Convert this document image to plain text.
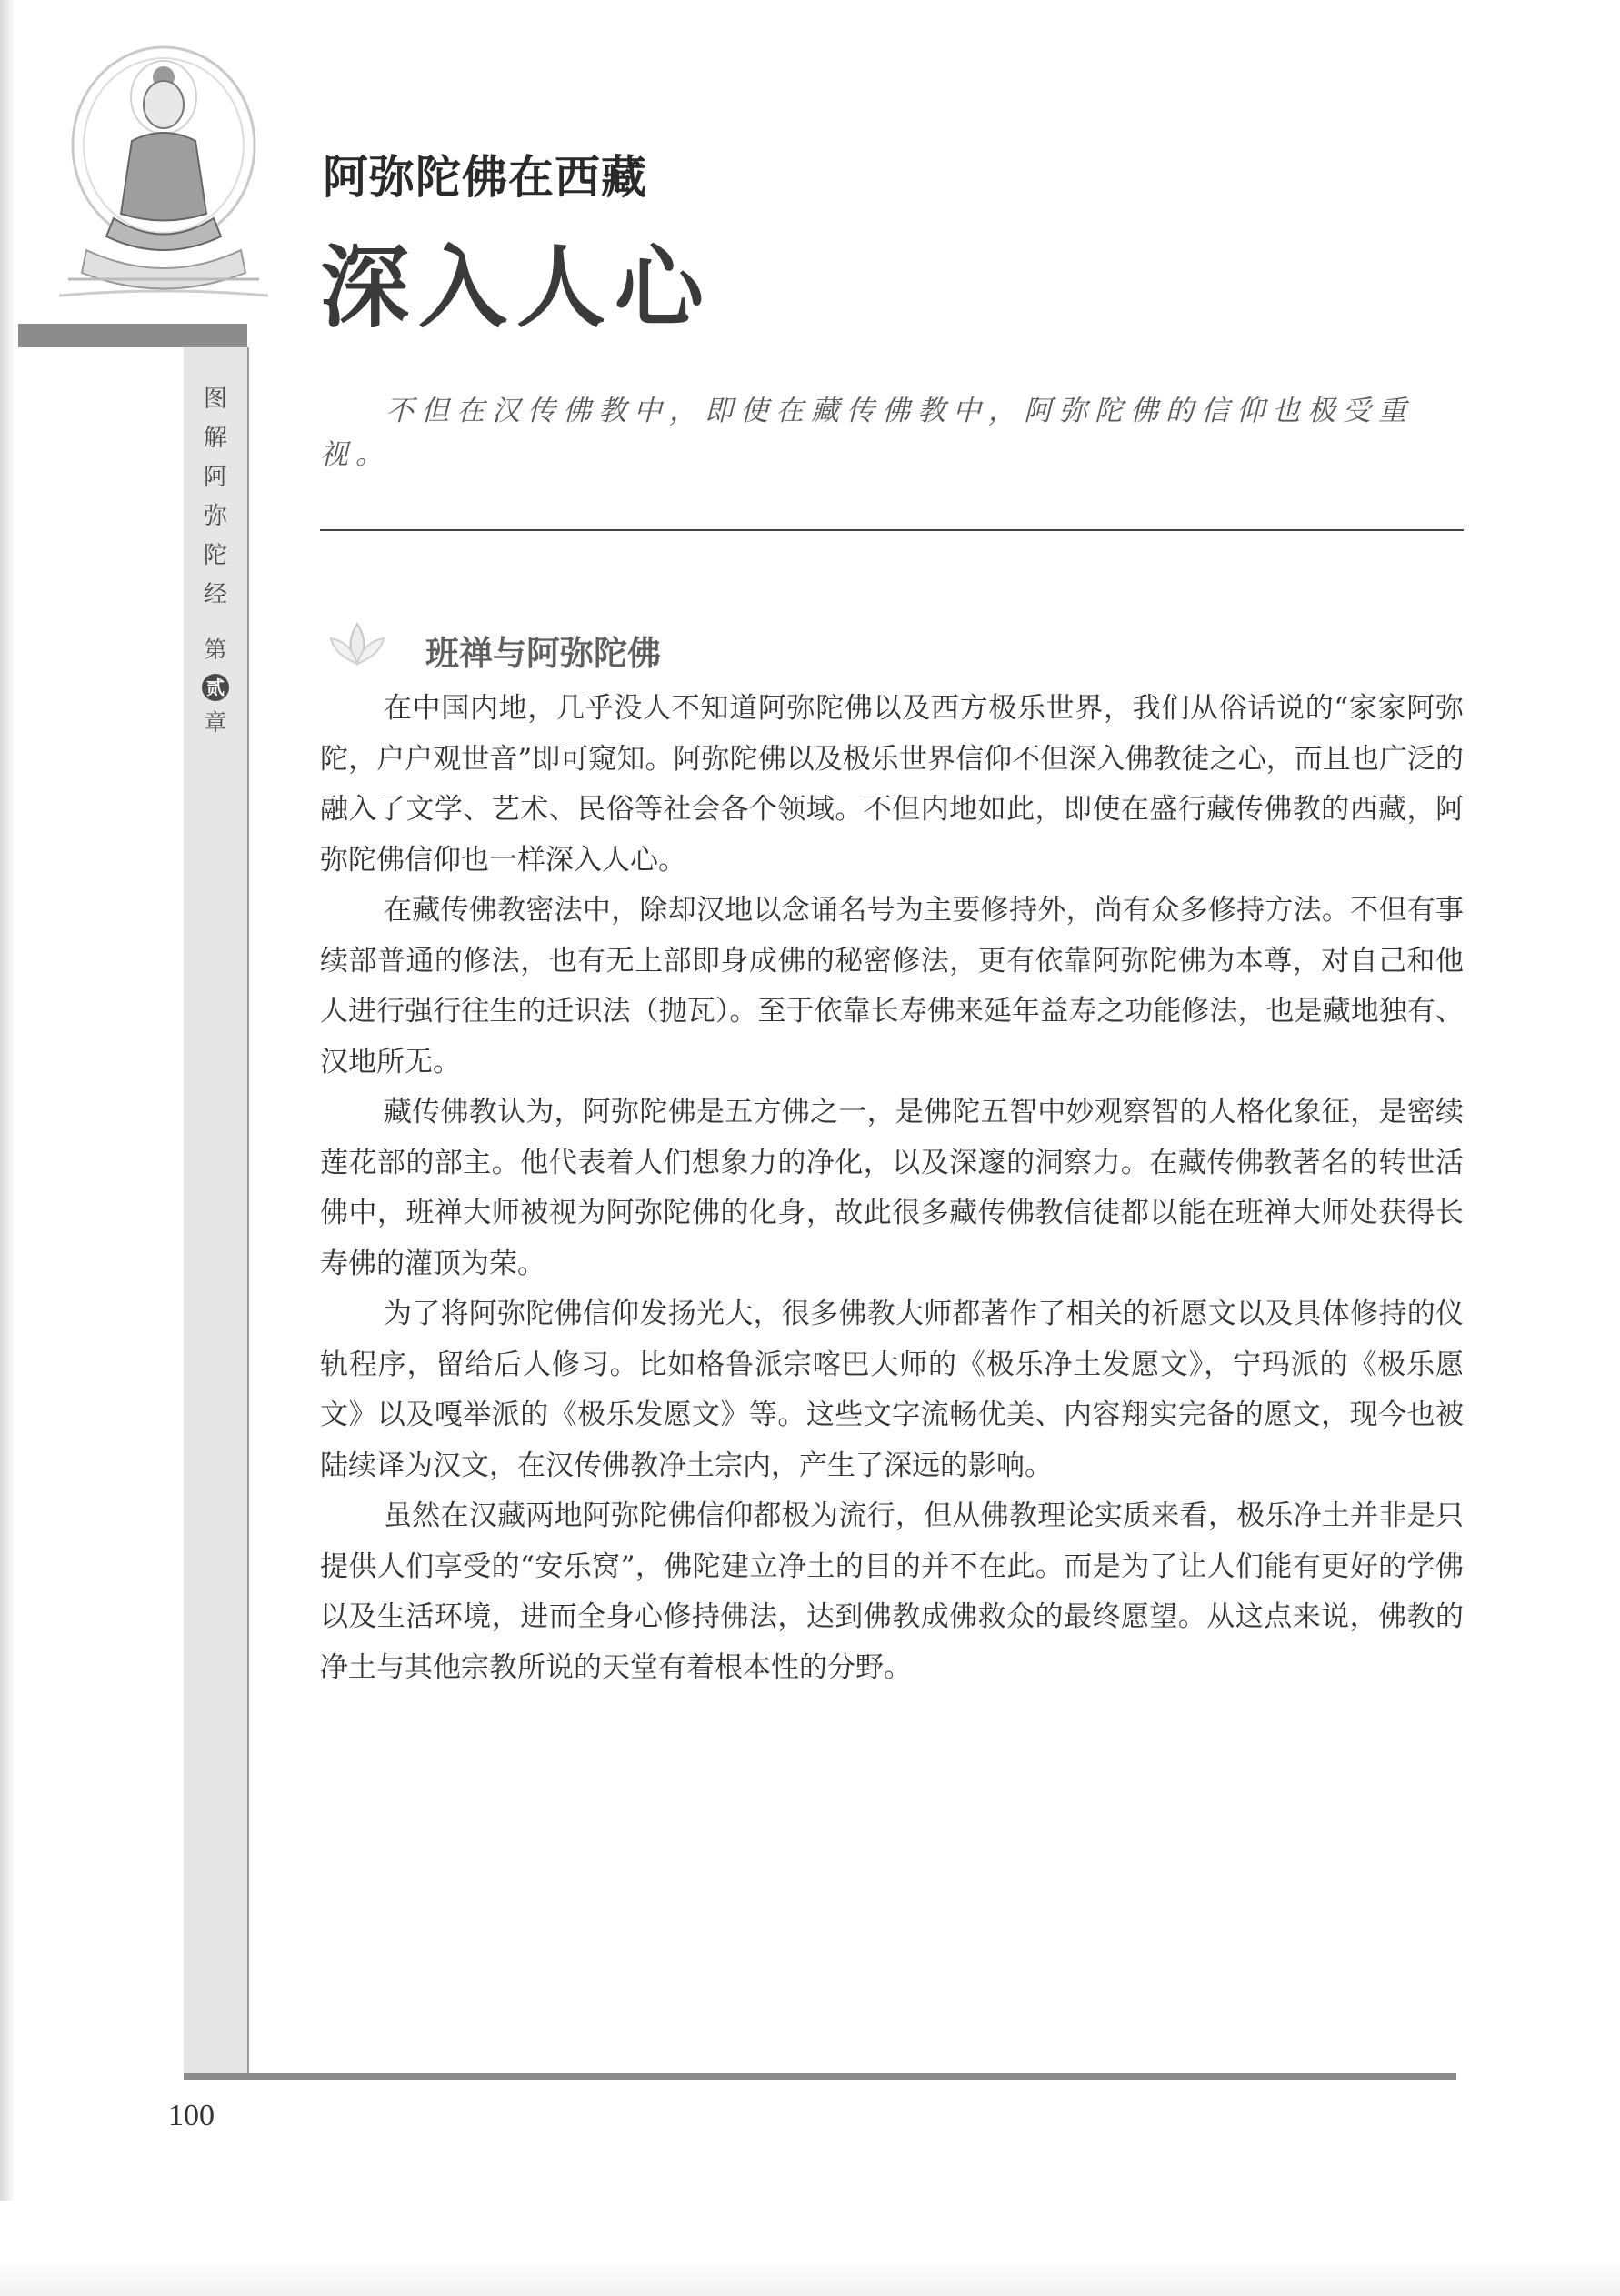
图
解
阿
弥
陀
经
第
贰
章
阿弥陀佛在西藏
深入人心

不但在汉传佛教中，即使在藏传佛教中，阿弥陀佛的信仰也极受重视。

班禅与阿弥陀佛

在中国内地，几乎没人不知道阿弥陀佛以及西方极乐世界，我们从俗话说的“家家阿弥陀，户户观世音”即可窥知。阿弥陀佛以及极乐世界信仰不但深入佛教徒之心，而且也广泛的融入了文学、艺术、民俗等社会各个领域。不但内地如此，即使在盛行藏传佛教的西藏，阿弥陀佛信仰也一样深入人心。

在藏传佛教密法中，除却汉地以念诵名号为主要修持外，尚有众多修持方法。不但有事续部普通的修法，也有无上部即身成佛的秘密修法，更有依靠阿弥陀佛为本尊，对自己和他人进行强行往生的迁识法（抛瓦）。至于依靠长寿佛来延年益寿之功能修法，也是藏地独有、汉地所无。

藏传佛教认为，阿弥陀佛是五方佛之一，是佛陀五智中妙观察智的人格化象征，是密续莲花部的部主。他代表着人们想象力的净化，以及深邃的洞察力。在藏传佛教著名的转世活佛中，班禅大师被视为阿弥陀佛的化身，故此很多藏传佛教信徒都以能在班禅大师处获得长寿佛的灌顶为荣。

为了将阿弥陀佛信仰发扬光大，很多佛教大师都著作了相关的祈愿文以及具体修持的仪轨程序，留给后人修习。比如格鲁派宗喀巴大师的《极乐净土发愿文》，宁玛派的《极乐愿文》以及嘎举派的《极乐发愿文》等。这些文字流畅优美、内容翔实完备的愿文，现今也被陆续译为汉文，在汉传佛教净土宗内，产生了深远的影响。

虽然在汉藏两地阿弥陀佛信仰都极为流行，但从佛教理论实质来看，极乐净土并非是只提供人们享受的“安乐窝”，佛陀建立净土的目的并不在此。而是为了让人们能有更好的学佛以及生活环境，进而全身心修持佛法，达到佛教成佛救众的最终愿望。从这点来说，佛教的净土与其他宗教所说的天堂有着根本性的分野。

100
